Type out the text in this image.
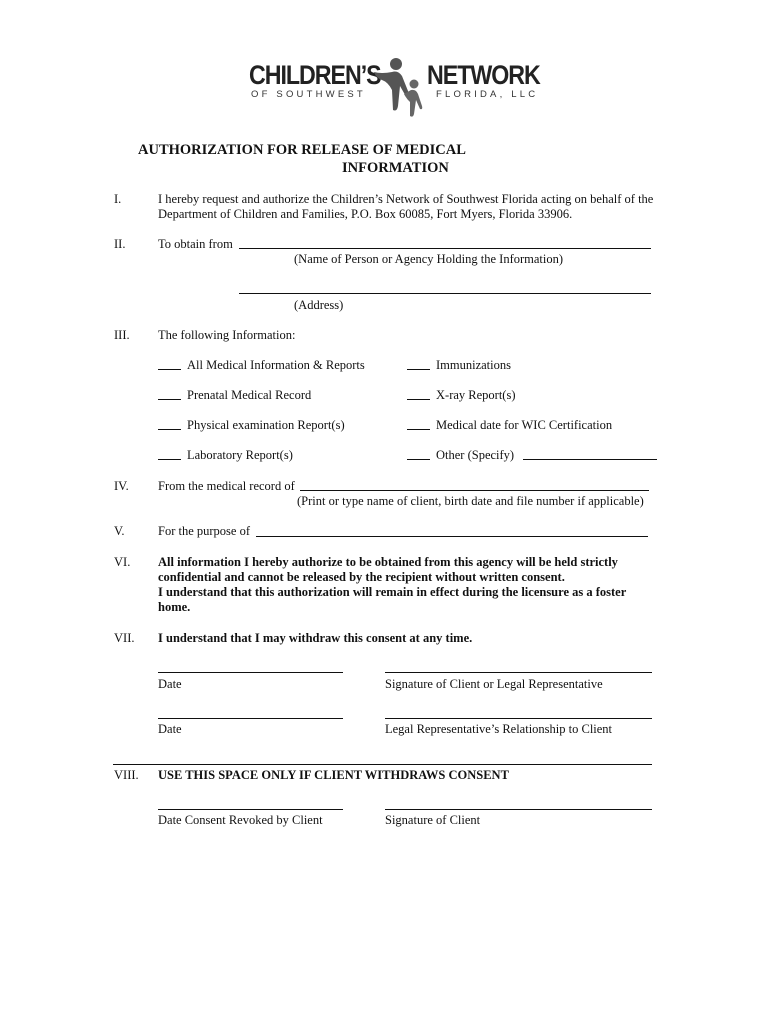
CHILDREN’S NETWORK
OF SOUTHWEST	FLORIDA, LLC
AUTHORIZATION FOR RELEASE OF MEDICAL
INFORMATION
I.	I hereby request and authorize the Children’s Network of Southwest Florida acting on behalf of the
Department of Children and Families, P.O. Box 60085, Fort Myers, Florida 33906.
II.	To obtain from
(Name of Person or Agency Holding the Information)
(Address)
III. The following Information:
All Medical Information & Reports	Immunizations
Prenatal Medical Record	X-ray Report(s)
Physical examination Report(s)	Medical date for WIC Certification
Laboratory Report(s)	Other (Specify)
IV. From the medical record of
(Print or type name of client, birth date and file number if applicable)
V.	For the purpose of
VI. All information I hereby authorize to be obtained from this agency will be held strictly
confidential and cannot be released by the recipient without written consent.
I understand that this authorization will remain in effect during the licensure as a foster
home.
VII. I understand that I may withdraw this consent at any time.
Date	Signature of Client or Legal Representative
Date	Legal Representative’s Relationship to Client
VIII. USE THIS SPACE ONLY IF CLIENT WITHDRAWS CONSENT
Date Consent Revoked by Client	Signature of Client
